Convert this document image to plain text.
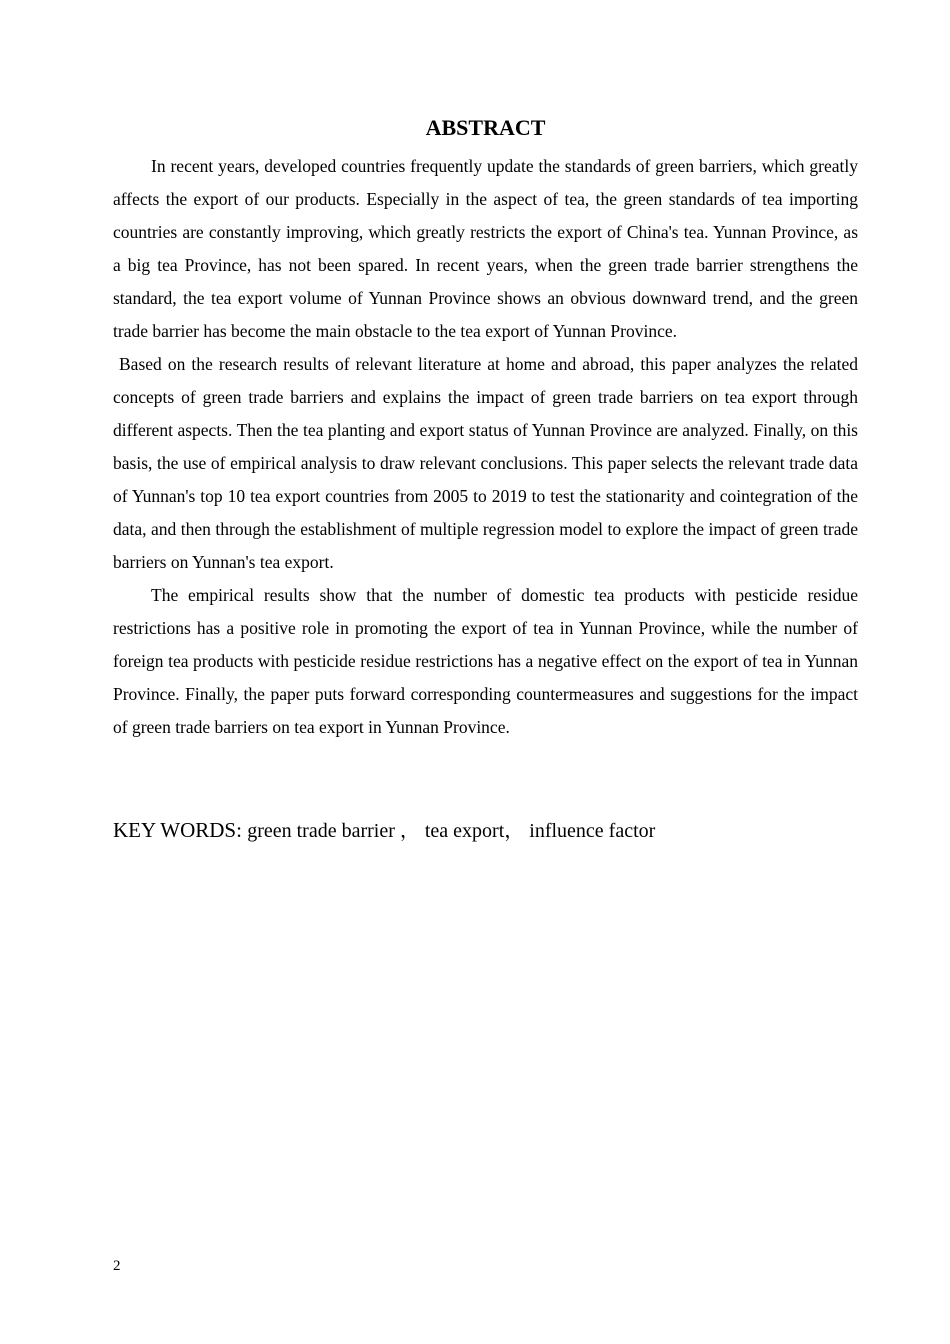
ABSTRACT

In recent years, developed countries frequently update the standards of green barriers, which greatly affects the export of our products. Especially in the aspect of tea, the green standards of tea importing countries are constantly improving, which greatly restricts the export of China's tea. Yunnan Province, as a big tea Province, has not been spared. In recent years, when the green trade barrier strengthens the standard, the tea export volume of Yunnan Province shows an obvious downward trend, and the green trade barrier has become the main obstacle to the tea export of Yunnan Province.

Based on the research results of relevant literature at home and abroad, this paper analyzes the related concepts of green trade barriers and explains the impact of green trade barriers on tea export through different aspects. Then the tea planting and export status of Yunnan Province are analyzed. Finally, on this basis, the use of empirical analysis to draw relevant conclusions. This paper selects the relevant trade data of Yunnan's top 10 tea export countries from 2005 to 2019 to test the stationarity and cointegration of the data, and then through the establishment of multiple regression model to explore the impact of green trade barriers on Yunnan's tea export.

The empirical results show that the number of domestic tea products with pesticide residue restrictions has a positive role in promoting the export of tea in Yunnan Province, while the number of foreign tea products with pesticide residue restrictions has a negative effect on the export of tea in Yunnan Province. Finally, the paper puts forward corresponding countermeasures and suggestions for the impact of green trade barriers on tea export in Yunnan Province.

KEY WORDS: green trade barrier ， tea export， influence factor

2
